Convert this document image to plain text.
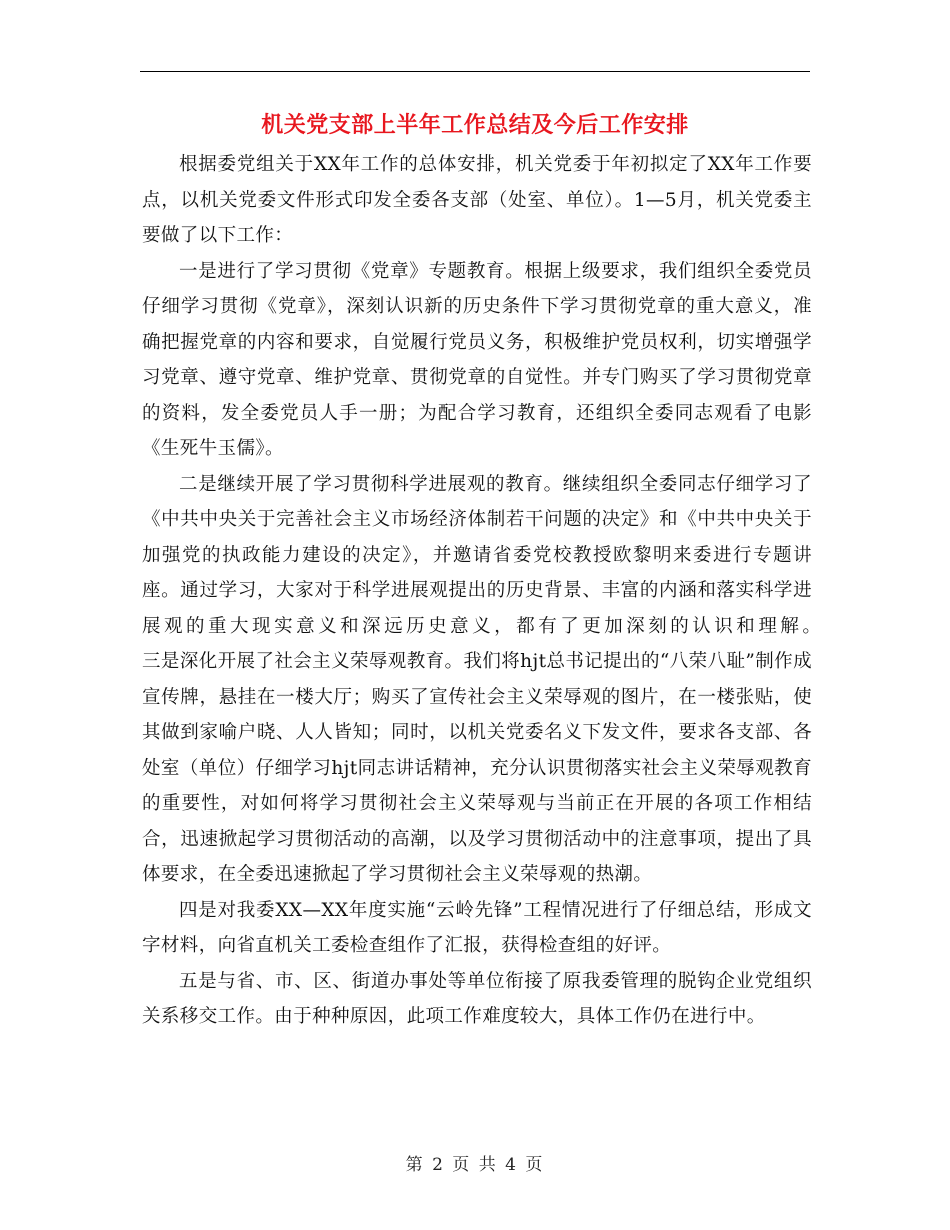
机关党支部上半年工作总结及今后工作安排

根据委党组关于XX年工作的总体安排，机关党委于年初拟定了XX年工作要点，以机关党委文件形式印发全委各支部（处室、单位）。1—5月，机关党委主要做了以下工作：

一是进行了学习贯彻《党章》专题教育。根据上级要求，我们组织全委党员仔细学习贯彻《党章》，深刻认识新的历史条件下学习贯彻党章的重大意义，准确把握党章的内容和要求，自觉履行党员义务，积极维护党员权利，切实增强学习党章、遵守党章、维护党章、贯彻党章的自觉性。并专门购买了学习贯彻党章的资料，发全委党员人手一册；为配合学习教育，还组织全委同志观看了电影《生死牛玉儒》。

二是继续开展了学习贯彻科学进展观的教育。继续组织全委同志仔细学习了《中共中央关于完善社会主义市场经济体制若干问题的决定》和《中共中央关于加强党的执政能力建设的决定》，并邀请省委党校教授欧黎明来委进行专题讲座。通过学习，大家对于科学进展观提出的历史背景、丰富的内涵和落实科学进展观的重大现实意义和深远历史意义，都有了更加深刻的认识和理解。　　　　三是深化开展了社会主义荣辱观教育。我们将hjt总书记提出的“八荣八耻”制作成宣传牌，悬挂在一楼大厅；购买了宣传社会主义荣辱观的图片，在一楼张贴，使其做到家喻户晓、人人皆知；同时，以机关党委名义下发文件，要求各支部、各处室（单位）仔细学习hjt同志讲话精神，充分认识贯彻落实社会主义荣辱观教育的重要性，对如何将学习贯彻社会主义荣辱观与当前正在开展的各项工作相结合，迅速掀起学习贯彻活动的高潮，以及学习贯彻活动中的注意事项，提出了具体要求，在全委迅速掀起了学习贯彻社会主义荣辱观的热潮。

四是对我委XX—XX年度实施“云岭先锋”工程情况进行了仔细总结，形成文字材料，向省直机关工委检查组作了汇报，获得检查组的好评。

五是与省、市、区、街道办事处等单位衔接了原我委管理的脱钩企业党组织关系移交工作。由于种种原因，此项工作难度较大，具体工作仍在进行中。

第 2 页 共 4 页
